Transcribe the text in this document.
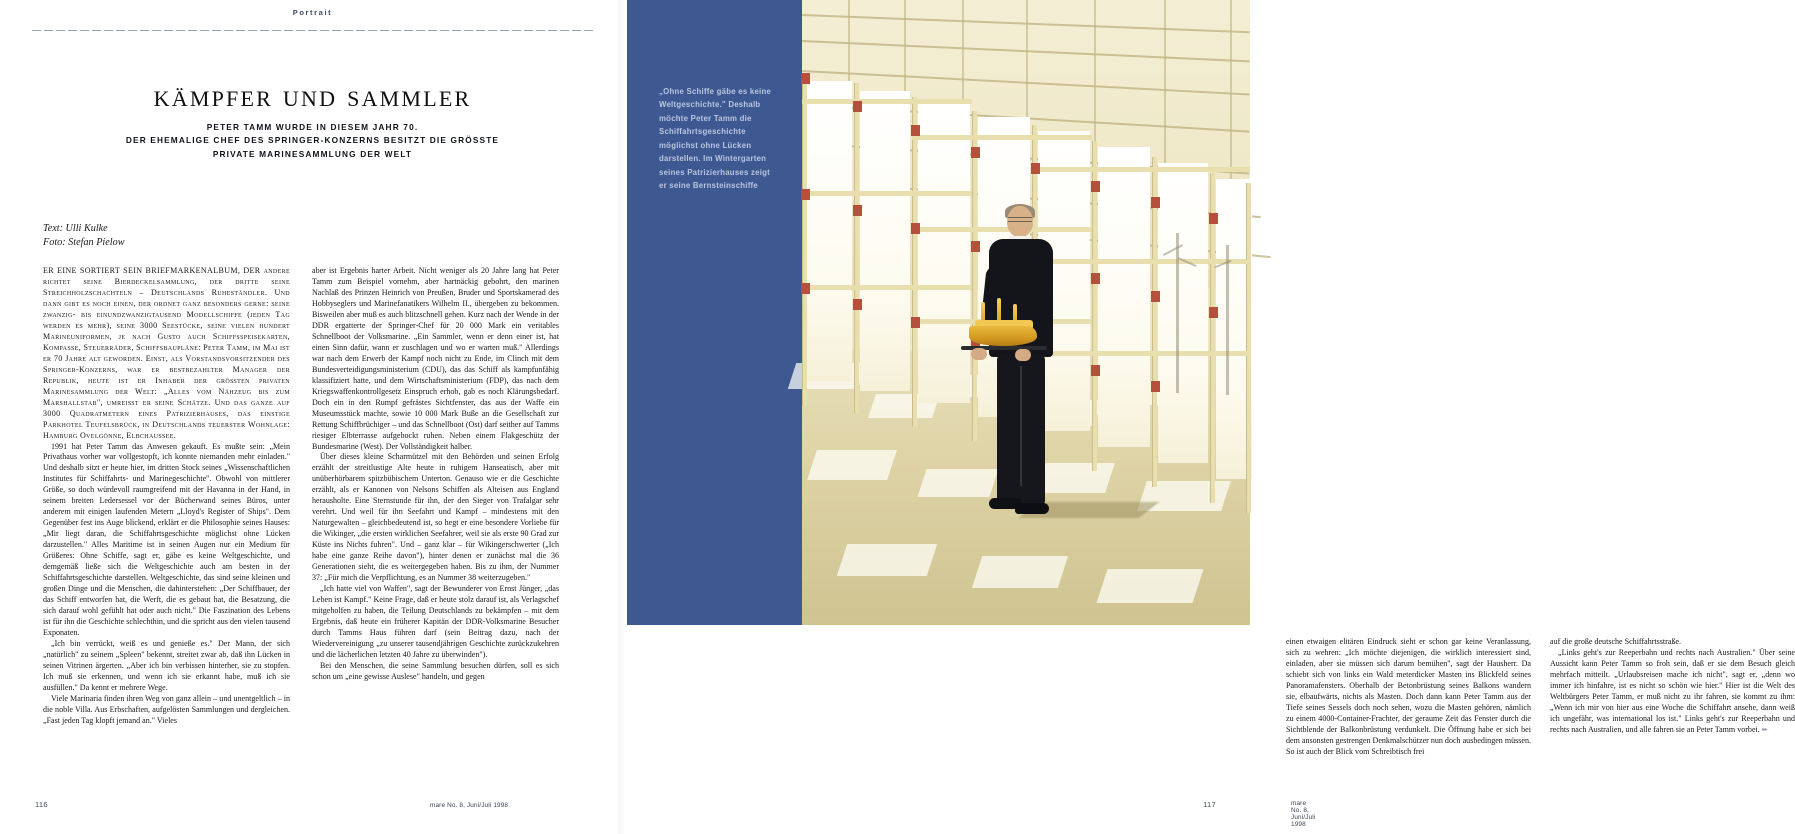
Portrait
kämpfer und sammler
PETER TAMM WURDE IN DIESEM JAHR 70.
DER EHEMALIGE CHEF DES SPRINGER-KONZERNS BESITZT DIE GRÖSSTE
PRIVATE MARINESAMMLUNG DER WELT
Text: Ulli Kulke
Foto: Stefan Pielow

ER EINE SORTIERT SEIN BRIEFMARKENALBUM, DER andere richtet seine Bierdeckelsammlung, der dritte seine Streichholzschachteln – Deutschlands Ruheständler. Und dann gibt es noch einen, der ordnet ganz besonders gerne: seine zwanzig- bis einundzwanzigtausend Modellschiffe (jeden Tag werden es mehr), seine 3000 Seestücke, seine vielen hundert Marineuniformen, je nach Gusto auch Schiffsspeisekarten, Kompasse, Steuerräder, Schiffsbaupläne: Peter Tamm, im Mai ist er 70 Jahre alt geworden. Einst, als Vorstandsvorsitzender des Springer-Konzerns, war er bestbezahlter Manager der Republik, heute ist er Inhaber der größten privaten Marinesammlung der Welt: „Alles vom Nähzeug bis zum Marshallstab", umreißt er seine Schätze. Und das ganze auf 3000 Quadratmetern eines Patrizierhauses, das einstige Parkhotel Teufelsbrück, in Deutschlands teuerster Wohnlage: Hamburg Ovelgönne, Elbchaussee.

1991 hat Peter Tamm das Anwesen gekauft. Es mußte sein: „Mein Privathaus vorher war vollgestopft, ich konnte niemanden mehr einladen." Und deshalb sitzt er heute hier, im dritten Stock seines „Wissenschaftlichen Institutes für Schiffahrts- und Marinegeschichte". Obwohl von mittlerer Größe, so doch würdevoll raumgreifend mit der Havanna in der Hand, in seinem breiten Ledersessel vor der Bücherwand seines Büros, unter anderem mit einigen laufenden Metern „Lloyd's Register of Ships". Dem Gegenüber fest ins Auge blickend, erklärt er die Philosophie seines Hauses: „Mir liegt daran, die Schiffahrtsgeschichte möglichst ohne Lücken darzustellen." Alles Maritime ist in seinen Augen nur ein Medium für Größeres: Ohne Schiffe, sagt er, gäbe es keine Weltgeschichte, und demgemäß ließe sich die Weltgeschichte auch am besten in der Schiffahrtsgeschichte darstellen. Weltgeschichte, das sind seine kleinen und großen Dinge und die Menschen, die dahinterstehen: „Der Schiffbauer, der das Schiff entworfen hat, die Werft, die es gebaut hat, die Besatzung, die sich darauf wohl gefühlt hat oder auch nicht." Die Faszination des Lebens ist für ihn die Geschichte schlechthin, und die spricht aus den vielen tausend Exponaten.

„Ich bin verrückt, weiß es und genieße es." Der Mann, der sich „natürlich" zu seinem „Spleen" bekennt, streitet zwar ab, daß ihn Lücken in seinen Vitrinen ärgerten. „Aber ich bin verbissen hinterher, sie zu stopfen. Ich muß sie erkennen, und wenn ich sie erkannt habe, muß ich sie ausfüllen." Da kennt er mehrere Wege.

Viele Marinaria finden ihren Weg von ganz allein – und unentgeltlich – in die noble Villa. Aus Erbschaften, aufgelösten Sammlungen und dergleichen. „Fast jeden Tag klopft jemand an." Vieles

aber ist Ergebnis harter Arbeit. Nicht weniger als 20 Jahre lang hat Peter Tamm zum Beispiel vornehm, aber hartnäckig gebohrt, den marinen Nachlaß des Prinzen Heinrich von Preußen, Bruder und Sportskamerad des Hobbyseglers und Marinefanatikers Wilhelm II., übergeben zu bekommen. Bisweilen aber muß es auch blitzschnell gehen. Kurz nach der Wende in der DDR ergatterte der Springer-Chef für 20 000 Mark ein veritables Schnellboot der Volksmarine. „Ein Sammler, wenn er denn einer ist, hat einen Sinn dafür, wann er zuschlagen und wo er warten muß." Allerdings war nach dem Erwerb der Kampf noch nicht zu Ende, im Clinch mit dem Bundesverteidigungsministerium (CDU), das das Schiff als kampfunfähig klassifiziert hatte, und dem Wirtschaftsministerium (FDP), das nach dem Kriegswaffenkontrollgesetz Einspruch erhob, gab es noch Klärungsbedarf. Doch ein in den Rumpf gefrästes Sichtfenster, das aus der Waffe ein Museumsstück machte, sowie 10 000 Mark Buße an die Gesellschaft zur Rettung Schiffbrüchiger – und das Schnellboot (Ost) darf seither auf Tamms riesiger Elbterrasse aufgebockt ruhen. Neben einem Flakgeschütz der Bundesmarine (West). Der Vollständigkeit halber.

Über dieses kleine Scharmützel mit den Behörden und seinen Erfolg erzählt der streitlustige Alte heute in ruhigem Hanseatisch, aber mit unüberhörbarem spitzbübischem Unterton. Genauso wie er die Geschichte erzählt, als er Kanonen von Nelsons Schiffen als Alteisen aus England herausholte. Eine Sternstunde für ihn, der den Sieger von Trafalgar sehr verehrt. Und weil für ihn Seefahrt und Kampf – mindestens mit den Naturgewalten – gleichbedeutend ist, so hegt er eine besondere Vorliebe für die Wikinger, „die ersten wirklichen Seefahrer, weil sie als erste 90 Grad zur Küste ins Nichts fuhren". Und – ganz klar – für Wikingerschwerter („Ich habe eine ganze Reihe davon"), hinter denen er zunächst mal die 36 Generationen sieht, die es weitergegeben haben. Bis zu ihm, der Nummer 37: „Für mich die Verpflichtung, es an Nummer 38 weiterzugeben."

„Ich hatte viel von Waffen", sagt der Bewunderer von Ernst Jünger, „das Leben ist Kampf." Keine Frage, daß er heute stolz darauf ist, als Verlagschef mitgeholfen zu haben, die Teilung Deutschlands zu bekämpfen – mit dem Ergebnis, daß heute ein früherer Kapitän der DDR-Volksmarine Besucher durch Tamms Haus führen darf (sein Beitrag dazu, nach der Wiedervereinigung „zu unserer tausendjährigen Geschichte zurückzukehren und die lächerlichen letzten 40 Jahre zu überwinden").

Bei den Menschen, die seine Sammlung besuchen dürfen, soll es sich schon um „eine gewisse Auslese" handeln, und gegen

116	mare No. 8, Juni/Juli 1998
„Ohne Schiffe gäbe es keine Weltgeschichte." Deshalb möchte Peter Tamm die Schiffahrtsgeschichte möglichst ohne Lücken darstellen. Im Wintergarten seines Patrizierhauses zeigt er seine Bernsteinschiffe

einen etwaigen elitären Eindruck sieht er schon gar keine Veranlassung, sich zu wehren: „Ich möchte diejenigen, die wirklich interessiert sind, einladen, aber sie müssen sich darum bemühen", sagt der Hausherr. Da schiebt sich von links ein Wald meterdicker Masten ins Blickfeld seines Panoramafensters. Oberhalb der Betonbrüstung seines Balkons wandern sie, elbaufwärts, nichts als Masten. Doch dann kann Peter Tamm aus der Tiefe seines Sessels doch noch sehen, wozu die Masten gehören, nämlich zu einem 4000-Container-Frachter, der geraume Zeit das Fenster durch die Sichtblende der Balkonbrüstung verdunkelt. Die Öffnung habe er sich bei dem ansonsten gestrengen Denkmalschützer nun doch ausbedingen müssen. So ist auch der Blick vom Schreibtisch frei

auf die große deutsche Schiffahrtsstraße.

„Links geht's zur Reeperbahn und rechts nach Australien." Über seine Aussicht kann Peter Tamm so froh sein, daß er sie dem Besuch gleich mehrfach mitteilt. „Urlaubsreisen mache ich nicht", sagt er, „denn wo immer ich hinfahre, ist es nicht so schön wie hier." Hier ist die Welt des Weltbürgers Peter Tamm, er muß nicht zu ihr fahren, sie kommt zu ihm: „Wenn ich mir von hier aus eine Woche die Schiffahrt ansehe, dann weiß ich ungefähr, was international los ist." Links geht's zur Reeperbahn und rechts nach Australien, und alle fahren sie an Peter Tamm vorbei. ✏

mare No. 8, Juni/Juli 1998
117
